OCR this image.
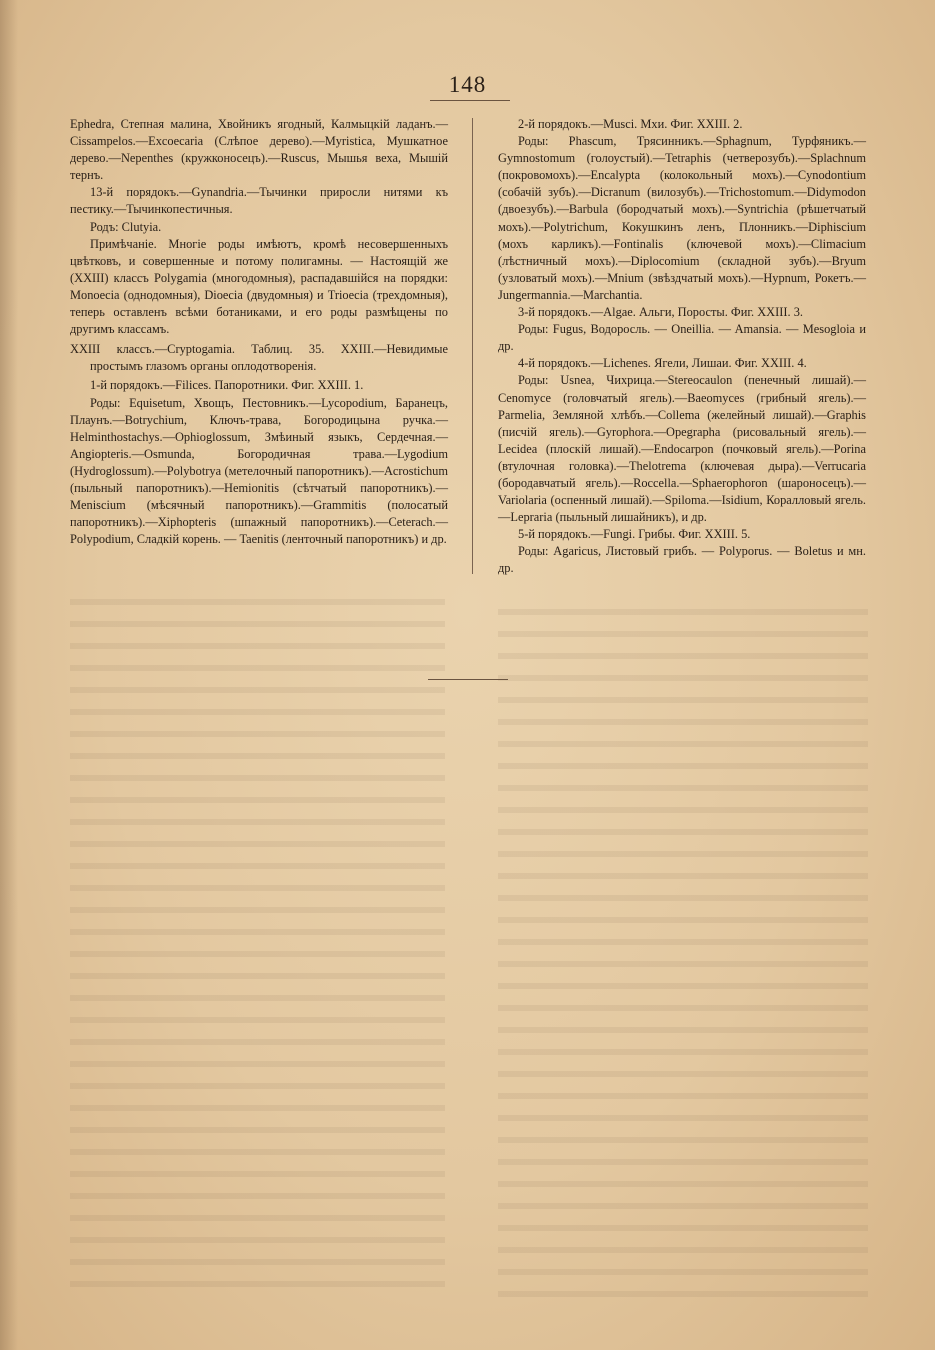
148

Ephedra, Степная малина, Хвойникъ ягодный, Калмыцкій ладанъ.—Cissampelos.—Excoecaria (Слѣпое дерево).—Myristica, Мушкатное дерево.—Nepenthes (кружконосецъ).—Ruscus, Мышья веха, Мышій тернъ.

13-й порядокъ.—Gynandria.—Тычинки приросли нитями къ пестику.—Тычинкопестичныя.

Родъ: Clutyia.

Примѣчаніе. Многіе роды имѣютъ, кромѣ несовершенныхъ цвѣтковъ, и совершенные и потому полигамны. — Настоящій же (XXIII) классъ Polygamia (многодомныя), распадавшійся на порядки: Monoecia (однодомныя), Dioecia (двудомныя) и Trioecia (трехдомныя), теперь оставленъ всѣми ботаниками, и его роды размѣщены по другимъ классамъ.

XXIII классъ.—Cryptogamia. Таблиц. 35. XXIII.—Невидимые простымъ глазомъ органы оплодотворенія.

1-й порядокъ.—Filices. Папоротники. Фиг. XXIII. 1.

Роды: Equisetum, Хвощъ, Пестовникъ.—Lycopodium, Баранецъ, Плаунъ.—Botrychium, Ключъ-трава, Богородицына ручка.—Helminthostachys.—Ophioglossum, Змѣиный языкъ, Сердечная.—Angiopteris.—Osmunda, Богородичная трава.—Lygodium (Hydroglossum).—Polybotrya (метелочный папоротникъ).—Acrostichum (пыльный папоротникъ).—Hemionitis (сѣтчатый папоротникъ).—Meniscium (мѣсячный папоротникъ).—Grammitis (полосатый папоротникъ).—Xiphopteris (шпажный папоротникъ).—Ceterach.—Polypodium, Сладкій корень. — Taenitis (ленточный папоротникъ) и др.

2-й порядокъ.—Musci. Мхи. Фиг. XXIII. 2.

Роды: Phascum, Трясинникъ.—Sphagnum, Турфяникъ.—Gymnostomum (голоустый).—Tetraphis (четверозубъ).—Splachnum (покровомохъ).—Encalypta (колокольный мохъ).—Cynodontium (собачій зубъ).—Dicranum (вилозубъ).—Trichostomum.—Didymodon (двоезубъ).—Barbula (бородчатый мохъ).—Syntrichia (рѣшетчатый мохъ).—Polytrichum, Кокушкинъ ленъ, Плонникъ.—Diphiscium (мохъ карликъ).—Fontinalis (ключевой мохъ).—Climacium (лѣстничный мохъ).—Diplocomium (складной зубъ).—Bryum (узловатый мохъ).—Mnium (звѣздчатый мохъ).—Hypnum, Рокетъ.—Jungermannia.—Marchantia.

3-й порядокъ.—Algae. Альги, Поросты. Фиг. XXIII. 3.

Роды: Fugus, Водоросль. — Oneillia. — Amansia. — Mesogloia и др.

4-й порядокъ.—Lichenes. Ягели, Лишаи. Фиг. XXIII. 4.

Роды: Usnea, Чихрица.—Stereocaulon (пенечный лишай).—Cenomyce (головчатый ягель).—Baeomyces (грибный ягель).—Parmelia, Земляной хлѣбъ.—Collema (желейный лишай).—Graphis (писчій ягель).—Gyrophora.—Opegrapha (рисовальный ягель).—Lecidea (плоскій лишай).—Endocarpon (почковый ягель).—Porina (втулочная головка).—Thelotrema (ключевая дыра).—Verrucaria (бородавчатый ягель).—Roccella.—Sphaerophoron (шароносецъ).—Variolaria (оспенный лишай).—Spiloma.—Isidium, Коралловый ягель.—Lepraria (пыльный лишайникъ), и др.

5-й порядокъ.—Fungi. Грибы. Фиг. XXIII. 5.

Роды: Agaricus, Листовый грибъ. — Polyporus. — Boletus и мн. др.
